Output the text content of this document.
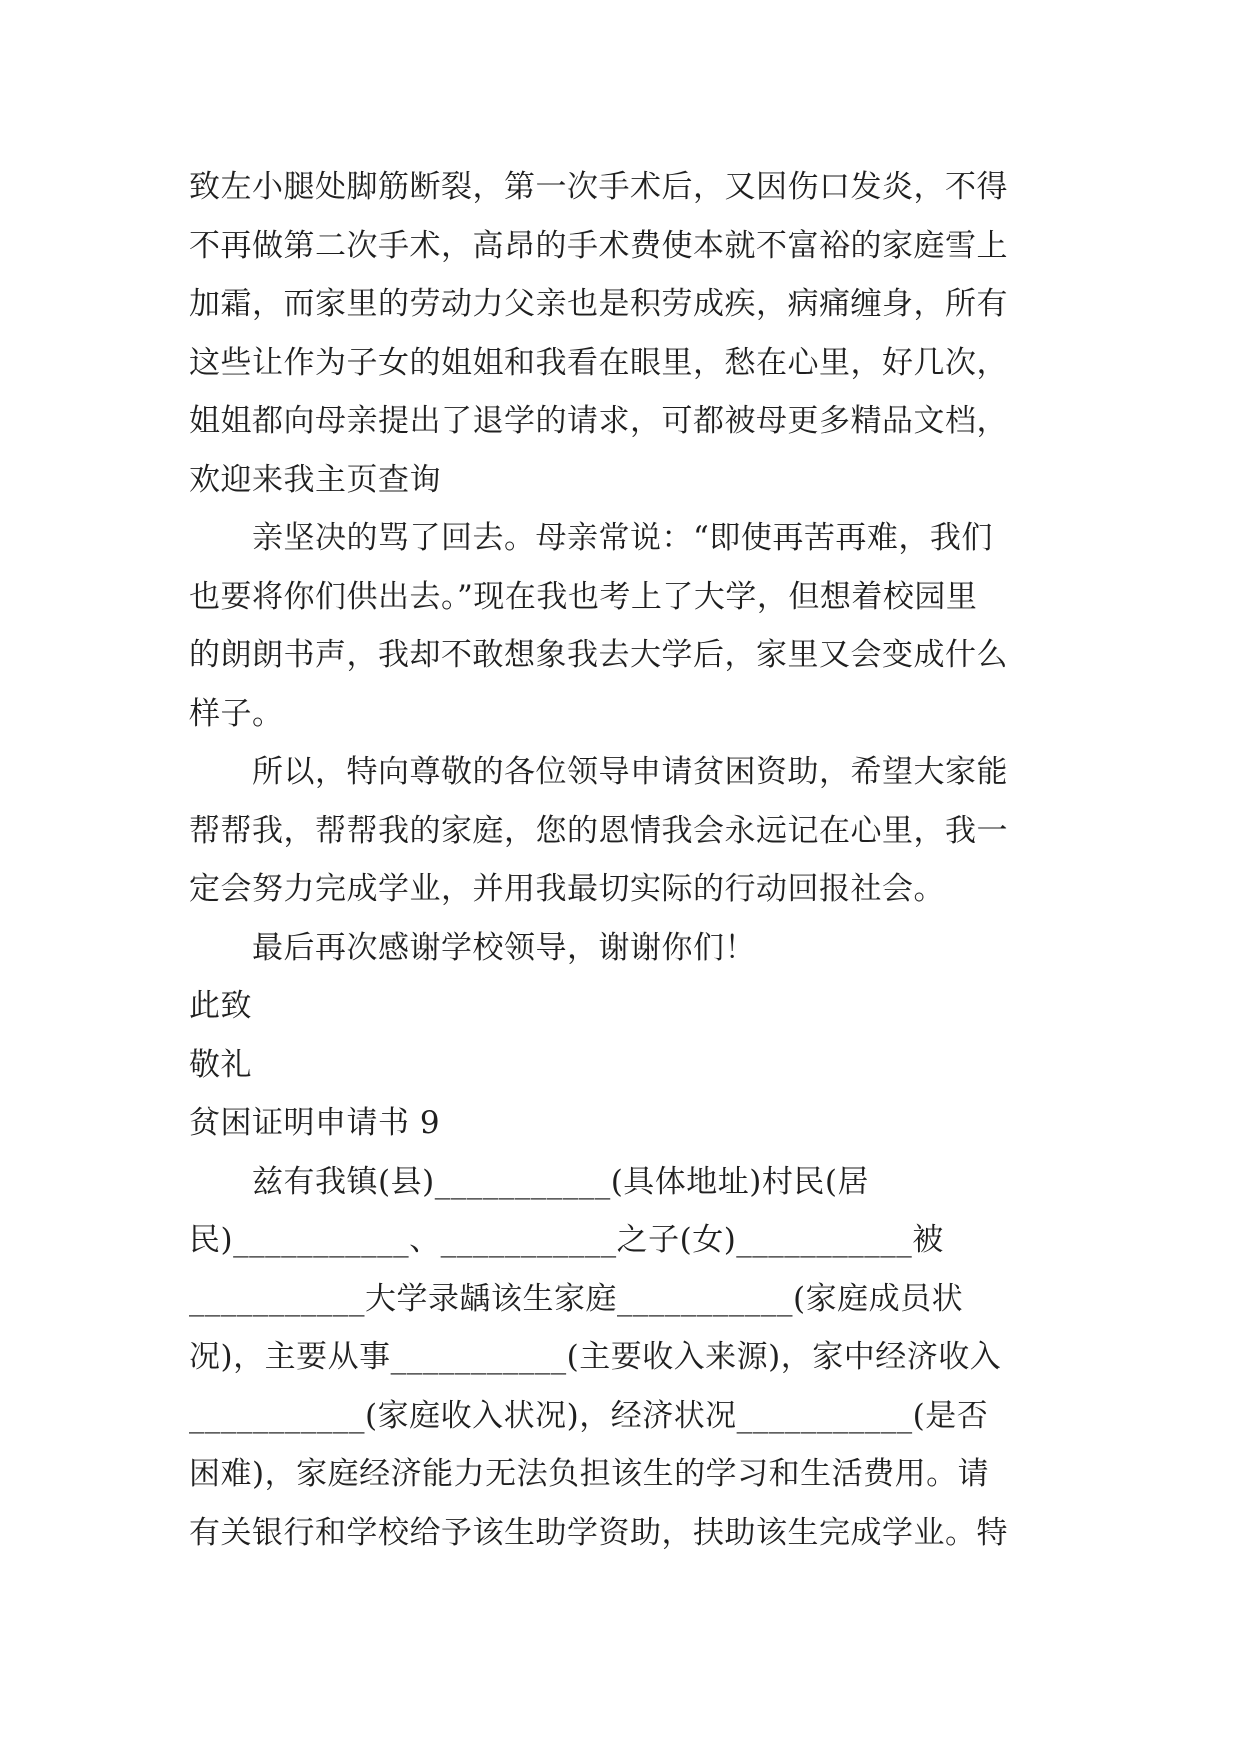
致左小腿处脚筋断裂，第一次手术后，又因伤口发炎，不得
不再做第二次手术，高昂的手术费使本就不富裕的家庭雪上
加霜，而家里的劳动力父亲也是积劳成疾，病痛缠身，所有
这些让作为子女的姐姐和我看在眼里，愁在心里，好几次，
姐姐都向母亲提出了退学的请求，可都被母更多精品文档，
欢迎来我主页查询
　　亲坚决的骂了回去。母亲常说：“即使再苦再难，我们
也要将你们供出去。”现在我也考上了大学，但想着校园里
的朗朗书声，我却不敢想象我去大学后，家里又会变成什么
样子。
　　所以，特向尊敬的各位领导申请贫困资助，希望大家能
帮帮我，帮帮我的家庭，您的恩情我会永远记在心里，我一
定会努力完成学业，并用我最切实际的行动回报社会。
　　最后再次感谢学校领导，谢谢你们！
此致
敬礼
贫困证明申请书 9
　　兹有我镇(县)___________(具体地址)村民(居
民)___________、___________之子(女)___________被
___________大学录龋该生家庭___________(家庭成员状
况)，主要从事___________(主要收入来源)，家中经济收入
___________(家庭收入状况)，经济状况___________(是否
困难)，家庭经济能力无法负担该生的学习和生活费用。请
有关银行和学校给予该生助学资助，扶助该生完成学业。特
